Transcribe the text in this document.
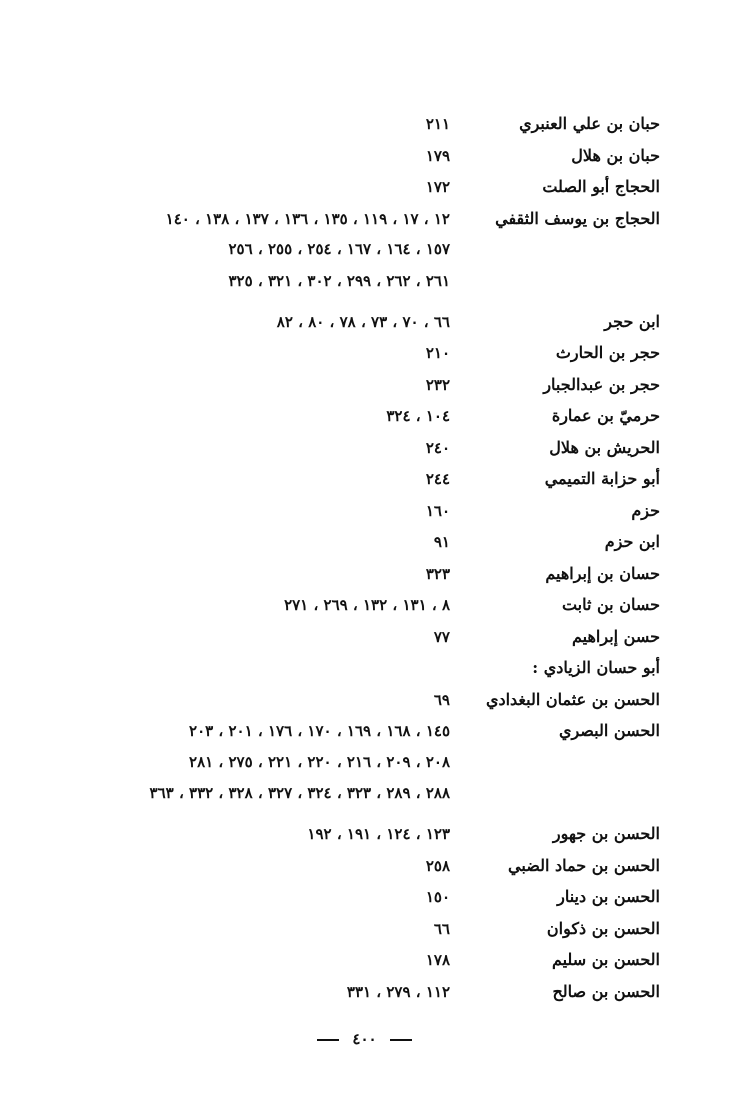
حبان بن علي العنبري
٢١١
حبان بن هلال
١٧٩
الحجاج أبو الصلت
١٧٢
الحجاج بن يوسف الثقفي
١٢ ، ١٧ ، ١١٩ ، ١٣٥ ، ١٣٦ ، ١٣٧ ، ١٣٨ ، ١٤٠
١٥٧ ، ١٦٤ ، ١٦٧ ، ٢٥٤ ، ٢٥٥ ، ٢٥٦
٢٦١ ، ٢٦٢ ، ٢٩٩ ، ٣٠٢ ، ٣٢١ ، ٣٢٥
ابن حجر
٦٦ ، ٧٠ ، ٧٣ ، ٧٨ ، ٨٠ ، ٨٢
حجر بن الحارث
٢١٠
حجر بن عبدالجبار
٢٣٢
حرميّ بن عمارة
١٠٤ ، ٣٢٤
الحريش بن هلال
٢٤٠
أبو حزابة التميمي
٢٤٤
حزم
١٦٠
ابن حزم
٩١
حسان بن إبراهيم
٣٢٣
حسان بن ثابت
٨ ، ١٣١ ، ١٣٢ ، ٢٦٩ ، ٢٧١
حسن إبراهيم
٧٧
أبو حسان الزيادي :
الحسن بن عثمان البغدادي
٦٩
الحسن البصري
١٤٥ ، ١٦٨ ، ١٦٩ ، ١٧٠ ، ١٧٦ ، ٢٠١ ، ٢٠٣
٢٠٨ ، ٢٠٩ ، ٢١٦ ، ٢٢٠ ، ٢٢١ ، ٢٧٥ ، ٢٨١
٢٨٨ ، ٢٨٩ ، ٣٢٣ ، ٣٢٤ ، ٣٢٧ ، ٣٢٨ ، ٣٣٢ ، ٣٦٣
الحسن بن جهور
١٢٣ ، ١٢٤ ، ١٩١ ، ١٩٢
الحسن بن حماد الضبي
٢٥٨
الحسن بن دينار
١٥٠
الحسن بن ذكوان
٦٦
الحسن بن سليم
١٧٨
الحسن بن صالح
١١٢ ، ٢٧٩ ، ٣٣١
٤٠٠
